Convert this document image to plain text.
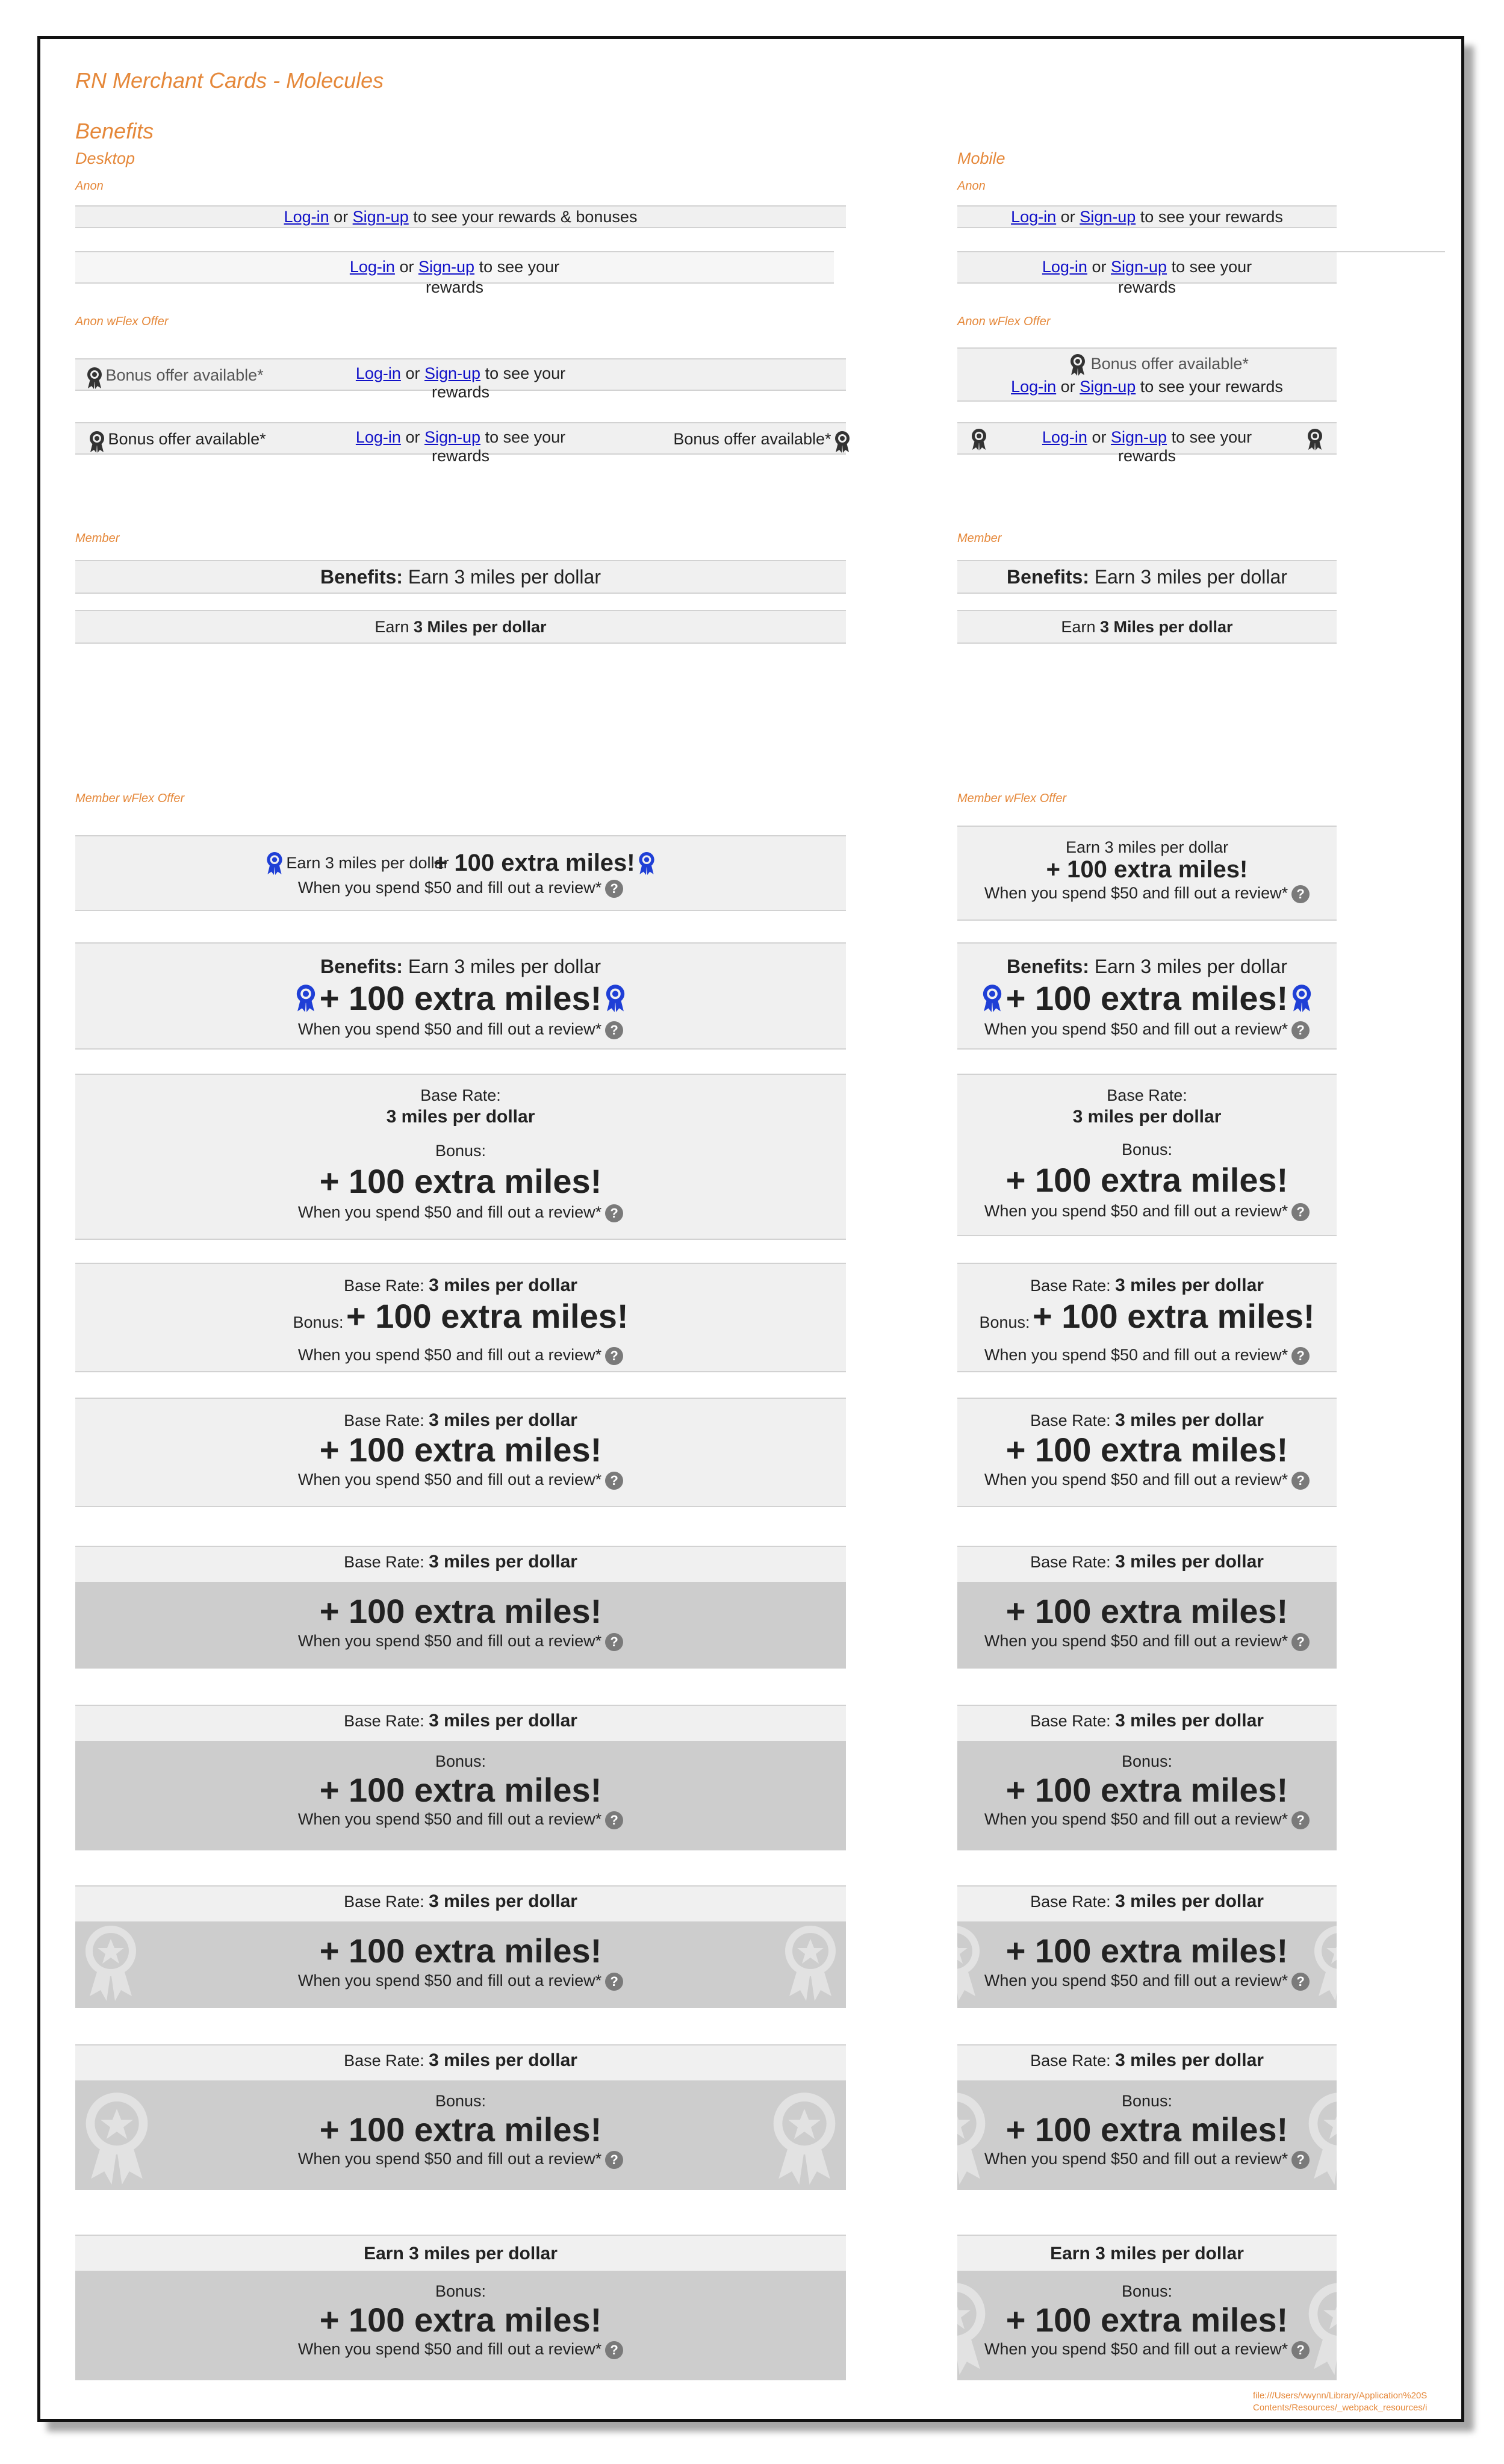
RN Merchant Cards - Molecules
Benefits
Desktop	Mobile
Anon	Anon
Log-in or Sign-up to see your rewards & bonuses	Log-in or Sign-up to see your rewards
Log-in or Sign-up to see your
rewards
Log-in or Sign-up to see your
rewards
Anon wFlex Offer	Anon wFlex Offer
Bonus offer available*	Log-in or Sign-up to see your
rewards
Bonus offer available*
Log-in or Sign-up to see your rewards
Bonus offer available*	Log-in or Sign-up to see your
rewards
Bonus offer available*	Log-in or Sign-up to see your
rewards
Member	Member
Benefits: Earn 3 miles per dollar	Benefits: Earn 3 miles per dollar
Earn 3 Miles per dollar	Earn 3 Miles per dollar
Member wFlex Offer	Member wFlex Offer
Earn 3 miles per dollar + 100 extra miles!
When you spend $50 and fill out a review* ?
Earn 3 miles per dollar
+ 100 extra miles!
When you spend $50 and fill out a review* ?
Benefits: Earn 3 miles per dollar
+ 100 extra miles!
When you spend $50 and fill out a review* ?
Benefits: Earn 3 miles per dollar
+ 100 extra miles!
When you spend $50 and fill out a review* ?
Base Rate:
3 miles per dollar
Bonus:
+ 100 extra miles!
When you spend $50 and fill out a review* ?
Base Rate:
3 miles per dollar
Bonus:
+ 100 extra miles!
When you spend $50 and fill out a review* ?
Base Rate: 3 miles per dollar
Bonus: + 100 extra miles!
When you spend $50 and fill out a review* ?
Base Rate: 3 miles per dollar
Bonus: + 100 extra miles!
When you spend $50 and fill out a review* ?
Base Rate: 3 miles per dollar
+ 100 extra miles!
When you spend $50 and fill out a review* ?
Base Rate: 3 miles per dollar
+ 100 extra miles!
When you spend $50 and fill out a review* ?
Base Rate: 3 miles per dollar
+ 100 extra miles!
When you spend $50 and fill out a review* ?
Base Rate: 3 miles per dollar
+ 100 extra miles!
When you spend $50 and fill out a review* ?
Base Rate: 3 miles per dollar
Bonus:
+ 100 extra miles!
When you spend $50 and fill out a review* ?
Base Rate: 3 miles per dollar
Bonus:
+ 100 extra miles!
When you spend $50 and fill out a review* ?
Base Rate: 3 miles per dollar
+ 100 extra miles!
When you spend $50 and fill out a review* ?
Base Rate: 3 miles per dollar
+ 100 extra miles!
When you spend $50 and fill out a review* ?
Base Rate: 3 miles per dollar
Bonus:
+ 100 extra miles!
When you spend $50 and fill out a review* ?
Base Rate: 3 miles per dollar
Bonus:
+ 100 extra miles!
When you spend $50 and fill out a review* ?
Earn 3 miles per dollar
Bonus:
+ 100 extra miles!
When you spend $50 and fill out a review* ?
Earn 3 miles per dollar
Bonus:
+ 100 extra miles!
When you spend $50 and fill out a review* ?
file:///Users/vwynn/Library/Application%20S
Contents/Resources/_webpack_resources/i
